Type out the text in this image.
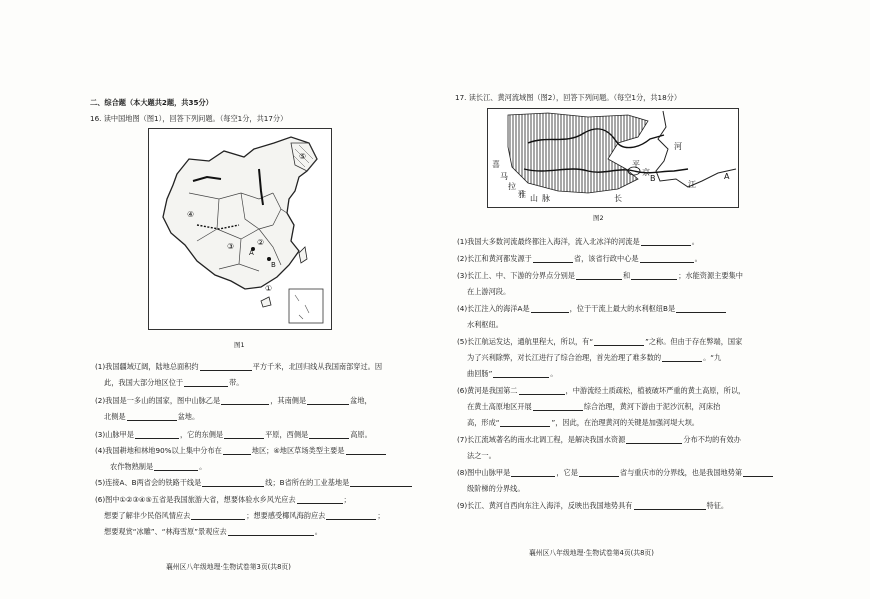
二、综合题（本大题共2题，共35分）
16. 读中国地图（图1），回答下列问题。（每空1分，共17分）
A
B
①
②
③
④
⑤
图1
(1)我国疆域辽阔，陆地总面积约	平方千米，北回归线从我国南部穿过。因
此，我国大部分地区位于	带。
(2)我国是一多山的国家，图中山脉乙是	，其南侧是	盆地，
北侧是	盆地。
(3)山脉甲是	，它的东侧是	平原，西侧是	高原。
(4)我国耕地和林地90%以上集中分布在	地区；④地区草场类型主要是
农作物熟制是	。
(5)连接A、B两省会的铁路干线是	线；B省所在的工业基地是
(6)图中①②③④⑤五省是我国旅游大省，想要体验水乡风光应去	；
想要了解非少民俗风情应去	；想要感受椰风海韵应去	；
想要观赏“冰雕”、“林海雪原”景观应去	。
襄州区八年级地理·生物试卷第3页(共8页)
17. 读长江、黄河流域图（图2），回答下列问题。（每空1分，共18分）
河
喜
马
拉
雅 山 脉	长
江
平
京
B	A
图2
(1)我国大多数河流最终都注入海洋，流入北冰洋的河流是	。
(2)长江和黄河都发源于	省，该省行政中心是	。
(3)长江上、中、下游的分界点分别是	和	；水能资源主要集中
在上游河段。
(4)长江注入的海洋A是	，位于干流上最大的水利枢纽B是
水利枢纽。
(5)长江航运发达，通航里程大，所以，有“	”之称。但由于存在弊端，国家
为了兴利除弊，对长江进行了综合治理，首先治理了难多数的	。“九
曲回肠”	。
(6)黄河是我国第二	，中游流经土质疏松，植被破坏严重的黄土高原，所以，
在黄土高原地区开展	综合治理，黄河下游由于泥沙沉积，河床抬
高，形成“	”，因此，在治理黄河的关键是加强河堤大坝。
(7)长江流域著名的南水北调工程，是解决我国水资源	分布不均的有效办
法之一。
(8)图中山脉甲是	，它是	省与重庆市的分界线，也是我国地势第
级阶梯的分界线。
(9)长江、黄河自西向东注入海洋，反映出我国地势具有	特征。
襄州区八年级地理·生物试卷第4页(共8页)
